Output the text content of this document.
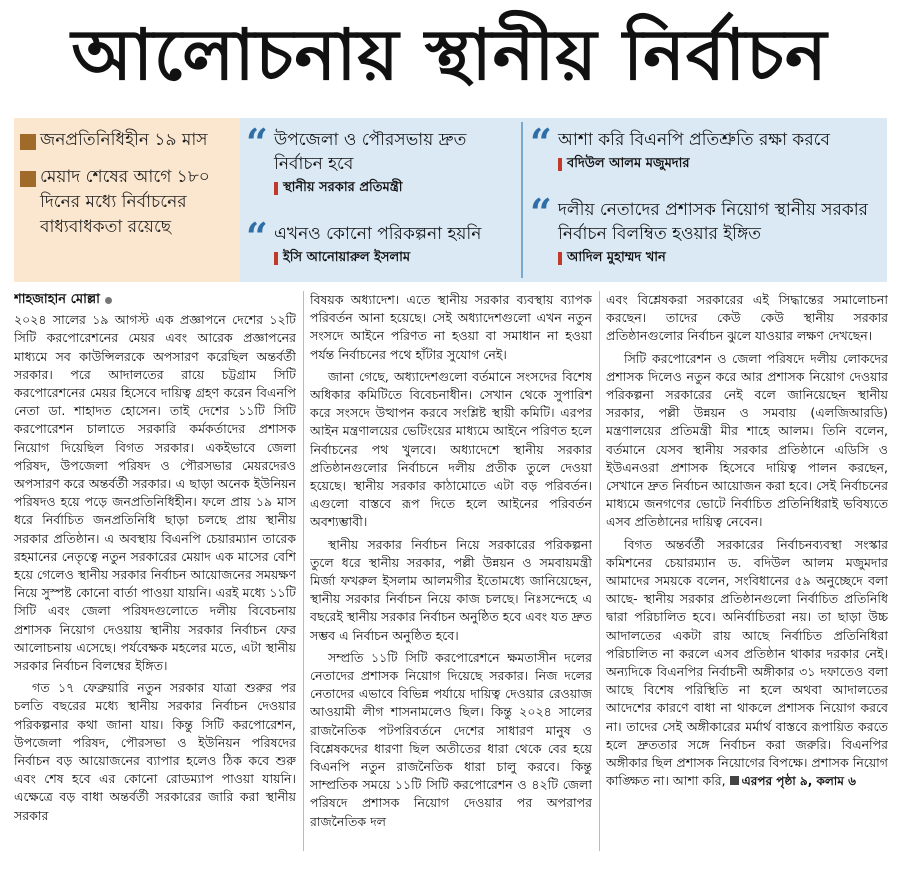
আলোচনায় স্থানীয় নির্বাচন
জনপ্রতিনিধিহীন ১৯ মাস
মেয়াদ শেষের আগে ১৮০ দিনের মধ্যে নির্বাচনের বাধ্যবাধকতা রয়েছে
“ উপজেলা ও পৌরসভায় দ্রুত নির্বাচন হবে
স্থানীয় সরকার প্রতিমন্ত্রী
“ এখনও কোনো পরিকল্পনা হয়নি
ইসি আনোয়ারুল ইসলাম
“ আশা করি বিএনপি প্রতিশ্রুতি রক্ষা করবে
বদিউল আলম মজুমদার
“ দলীয় নেতাদের প্রশাসক নিয়োগ স্থানীয় সরকার নির্বাচন বিলম্বিত হওয়ার ইঙ্গিত
আদিল মুহাম্মদ খান
শাহজাহান মোল্লা

২০২৪ সালের ১৯ আগস্ট এক প্রজ্ঞাপনে দেশের ১২টি সিটি করপোরেশনের মেয়র এবং আরেক প্রজ্ঞাপনের মাধ্যমে সব কাউন্সিলরকে অপসারণ করেছিল অন্তর্বর্তী সরকার। পরে আদালতের রায়ে চট্টগ্রাম সিটি করপোরেশনের মেয়র হিসেবে দায়িত্ব গ্রহণ করেন বিএনপি নেতা ডা. শাহাদত হোসেন। তাই দেশের ১১টি সিটি করপোরেশন চালাতে সরকারি কর্মকর্তাদের প্রশাসক নিয়োগ দিয়েছিল বিগত সরকার। একইভাবে জেলা পরিষদ, উপজেলা পরিষদ ও পৌরসভার মেয়রদেরও অপসারণ করে অন্তর্বর্তী সরকার। এ ছাড়া অনেক ইউনিয়ন পরিষদও হয়ে পড়ে জনপ্রতিনিধিহীন। ফলে প্রায় ১৯ মাস ধরে নির্বাচিত জনপ্রতিনিধি ছাড়া চলছে প্রায় স্থানীয় সরকার প্রতিষ্ঠান। এ অবস্থায় বিএনপি চেয়ারম্যান তারেক রহমানের নেতৃত্বে নতুন সরকারের মেয়াদ এক মাসের বেশি হয়ে গেলেও স্থানীয় সরকার নির্বাচন আয়োজনের সময়ক্ষণ নিয়ে সুস্পষ্ট কোনো বার্তা পাওয়া যায়নি। এরই মধ্যে ১১টি সিটি এবং জেলা পরিষদগুলোতে দলীয় বিবেচনায় প্রশাসক নিয়োগ দেওয়ায় স্থানীয় সরকার নির্বাচন ফের আলোচনায় এসেছে। পর্যবেক্ষক মহলের মতে, এটা স্থানীয় সরকার নির্বাচন বিলম্বের ইঙ্গিত।

গত ১৭ ফেব্রুয়ারি নতুন সরকার যাত্রা শুরুর পর চলতি বছরের মধ্যে স্থানীয় সরকার নির্বাচন দেওয়ার পরিকল্পনার কথা জানা যায়। কিন্তু সিটি করপোরেশন, উপজেলা পরিষদ, পৌরসভা ও ইউনিয়ন পরিষদের নির্বাচন বড় আয়োজনের ব্যাপার হলেও ঠিক কবে শুরু এবং শেষ হবে এর কোনো রোডম্যাপ পাওয়া যায়নি। এক্ষেত্রে বড় বাধা অন্তর্বর্তী সরকারের জারি করা স্থানীয় সরকার

বিষয়ক অধ্যাদেশ। এতে স্থানীয় সরকার ব্যবস্থায় ব্যাপক পরিবর্তন আনা হয়েছে। সেই অধ্যাদেশগুলো এখন নতুন সংসদে আইনে পরিণত না হওয়া বা সমাধান না হওয়া পর্যন্ত নির্বাচনের পথে হাঁটার সুযোগ নেই।

জানা গেছে, অধ্যাদেশগুলো বর্তমানে সংসদের বিশেষ অধিকার কমিটিতে বিবেচনাধীন। সেখান থেকে সুপারিশ করে সংসদে উত্থাপন করবে সংশ্লিষ্ট স্থায়ী কমিটি। এরপর আইন মন্ত্রণালয়ের ভেটিংয়ের মাধ্যমে আইনে পরিণত হলে নির্বাচনের পথ খুলবে। অধ্যাদেশে স্থানীয় সরকার প্রতিষ্ঠানগুলোর নির্বাচনে দলীয় প্রতীক তুলে দেওয়া হয়েছে। স্থানীয় সরকার কাঠামোতে এটা বড় পরিবর্তন। এগুলো বাস্তবে রূপ দিতে হলে আইনের পরিবর্তন অবশ্যম্ভাবী।

স্থানীয় সরকার নির্বাচন নিয়ে সরকারের পরিকল্পনা তুলে ধরে স্থানীয় সরকার, পল্লী উন্নয়ন ও সমবায়মন্ত্রী মির্জা ফখরুল ইসলাম আলমগীর ইতোমধ্যে জানিয়েছেন, স্থানীয় সরকার নির্বাচন নিয়ে কাজ চলছে। নিঃসন্দেহে এ বছরেই স্থানীয় সরকার নির্বাচন অনুষ্ঠিত হবে এবং যত দ্রুত সম্ভব এ নির্বাচন অনুষ্ঠিত হবে।

সম্প্রতি ১১টি সিটি করপোরেশনে ক্ষমতাসীন দলের নেতাদের প্রশাসক নিয়োগ দিয়েছে সরকার। নিজ দলের নেতাদের এভাবে বিভিন্ন পর্যায়ে দায়িত্ব দেওয়ার রেওয়াজ আওয়ামী লীগ শাসনামলেও ছিল। কিন্তু ২০২৪ সালের রাজনৈতিক পটপরিবর্তনে দেশের সাধারণ মানুষ ও বিশ্লেষকদের ধারণা ছিল অতীতের ধারা থেকে বের হয়ে বিএনপি নতুন রাজনৈতিক ধারা চালু করবে। কিন্তু সাম্প্রতিক সময়ে ১১টি সিটি করপোরেশন ও ৪২টি জেলা পরিষদে প্রশাসক নিয়োগ দেওয়ার পর অপরাপর রাজনৈতিক দল

এবং বিশ্লেষকরা সরকারের এই সিদ্ধান্তের সমালোচনা করছেন। তাদের কেউ কেউ স্থানীয় সরকার প্রতিষ্ঠানগুলোর নির্বাচন ঝুলে যাওয়ার লক্ষণ দেখছেন।

সিটি করপোরেশন ও জেলা পরিষদে দলীয় লোকদের প্রশাসক দিলেও নতুন করে আর প্রশাসক নিয়োগ দেওয়ার পরিকল্পনা সরকারের নেই বলে জানিয়েছেন স্থানীয় সরকার, পল্লী উন্নয়ন ও সমবায় (এলজিআরডি) মন্ত্রণালয়ের প্রতিমন্ত্রী মীর শাহে আলম। তিনি বলেন, বর্তমানে যেসব স্থানীয় সরকার প্রতিষ্ঠানে এডিসি ও ইউএনওরা প্রশাসক হিসেবে দায়িত্ব পালন করছেন, সেখানে দ্রুত নির্বাচন আয়োজন করা হবে। সেই নির্বাচনের মাধ্যমে জনগণের ভোটে নির্বাচিত প্রতিনিধিরাই ভবিষ্যতে এসব প্রতিষ্ঠানের দায়িত্ব নেবেন।

বিগত অন্তর্বর্তী সরকারের নির্বাচনব্যবস্থা সংস্কার কমিশনের চেয়ারম্যান ড. বদিউল আলম মজুমদার আমাদের সময়কে বলেন, সংবিধানের ৫৯ অনুচ্ছেদে বলা আছে- স্থানীয় সরকার প্রতিষ্ঠানগুলো নির্বাচিত প্রতিনিধি দ্বারা পরিচালিত হবে। অনির্বাচিতরা নয়। তা ছাড়া উচ্চ আদালতের একটা রায় আছে নির্বাচিত প্রতিনিধিরা পরিচালিত না করলে এসব প্রতিষ্ঠান থাকার দরকার নেই। অন্যদিকে বিএনপির নির্বাচনী অঙ্গীকার ৩১ দফাতেও বলা আছে বিশেষ পরিস্থিতি না হলে অথবা আদালতের আদেশের কারণে বাধা না থাকলে প্রশাসক নিয়োগ করবে না। তাদের সেই অঙ্গীকারের মর্মার্থ বাস্তবে রূপায়িত করতে হলে দ্রুততার সঙ্গে নির্বাচন করা জরুরি। বিএনপির অঙ্গীকার ছিল প্রশাসক নিয়োগের বিপক্ষে। প্রশাসক নিয়োগ কাঙ্ক্ষিত না। আশা করি, এরপর পৃষ্ঠা ৯, কলাম ৬
